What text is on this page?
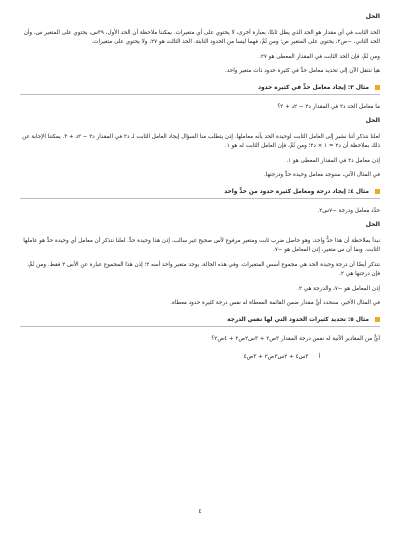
الحل

الحد الثابت في أي مقدار هو الحد الذي يظل ثابتًا، بعبارة أخرى، لا يحتوي على أي متغيرات. يمكننا ملاحظة أن الحد الأول، ٣٩س، يحتوي على المتغير س، وأن الحد الثاني، −ص٢، يحتوي على المتغير ص؛ ومن ثَمَّ، فهما ليسا من الحدود الثابتة. الحد الثالث هو ٢٧، ولا يحتوي على متغيرات.

ومن ثَمَّ، فإن الحد الثابت في المقدار المعطى هو ٢٧.

هيا ننتقل الآن إلى تحديد معامل حدٍّ في كثيرة حدود ذات متغير واحد.

مثال ٣: إيجاد معامل حدٍّ في كثيرة حدود

ما معامل الحد د٢ في المقدار د٢ − ٢د + ٣؟

الحل

لعلنا نتذكر أننا نشير إلى العامل الثابت لوحيدة الحد بأنه معاملها. إذن يتطلب منا السؤال إيجاد العامل الثابت لـ د٢ في المقدار د٢ − ٢د + ٣. يمكننا الإجابة عن ذلك بملاحظة أن د٢ = ١ × د٢؛ ومن ثَمَّ، فإن العامل الثابت له هو ١.

إذن معامل د٢ في المقدار المعطى هو ١.

في المثال الآتي، سنوجد معامل وحيدة حدٍّ ودرجتها.

مثال ٤: إيجاد درجة ومعامل كثيرة حدود من حدٍّ واحد

حدِّد معامل ودرجة −٧س٢.

الحل

نبدأ بملاحظة أن هذا حدٌّ واحد، وهو حاصل ضرب ثابت ومتغير مرفوع لأس صحيح غير سالب، إذن هذا وحيدة حدٍّ. لعلنا نتذكر أن معامل أي وحيدة حدٍّ هو عاملها الثابت. وبما أن س متغير، إذن المعامل هو −٧.

نتذكر أيضًا أن درجة وحيدة الحد هي مجموع أسس المتغيرات. وفي هذه الحالة، يوجد متغير واحد أسه ٢؛ إذن هذا المجموع عبارة عن الأس ٢ فقط. ومن ثَمَّ، فإن درجتها هي ٢.

إذن المعامل هو −٧، والدرجة هي ٢.

في المثال الأخير، سنحدد أيَّ مقدار ضمن القائمة المعطاة له نفس درجة كثيرة حدود معطاة.

مثال ٥: تحديد كثيرات الحدود التي لها نفس الدرجة

أيٌّ من المقادير الآتية له نفس درجة المقدار ٣ص٢ + ٣س٢ص٢ + ٤ص٢؟

أ
٣س٤ + ٢س٣ص٢ + ٣ص٤
٤
